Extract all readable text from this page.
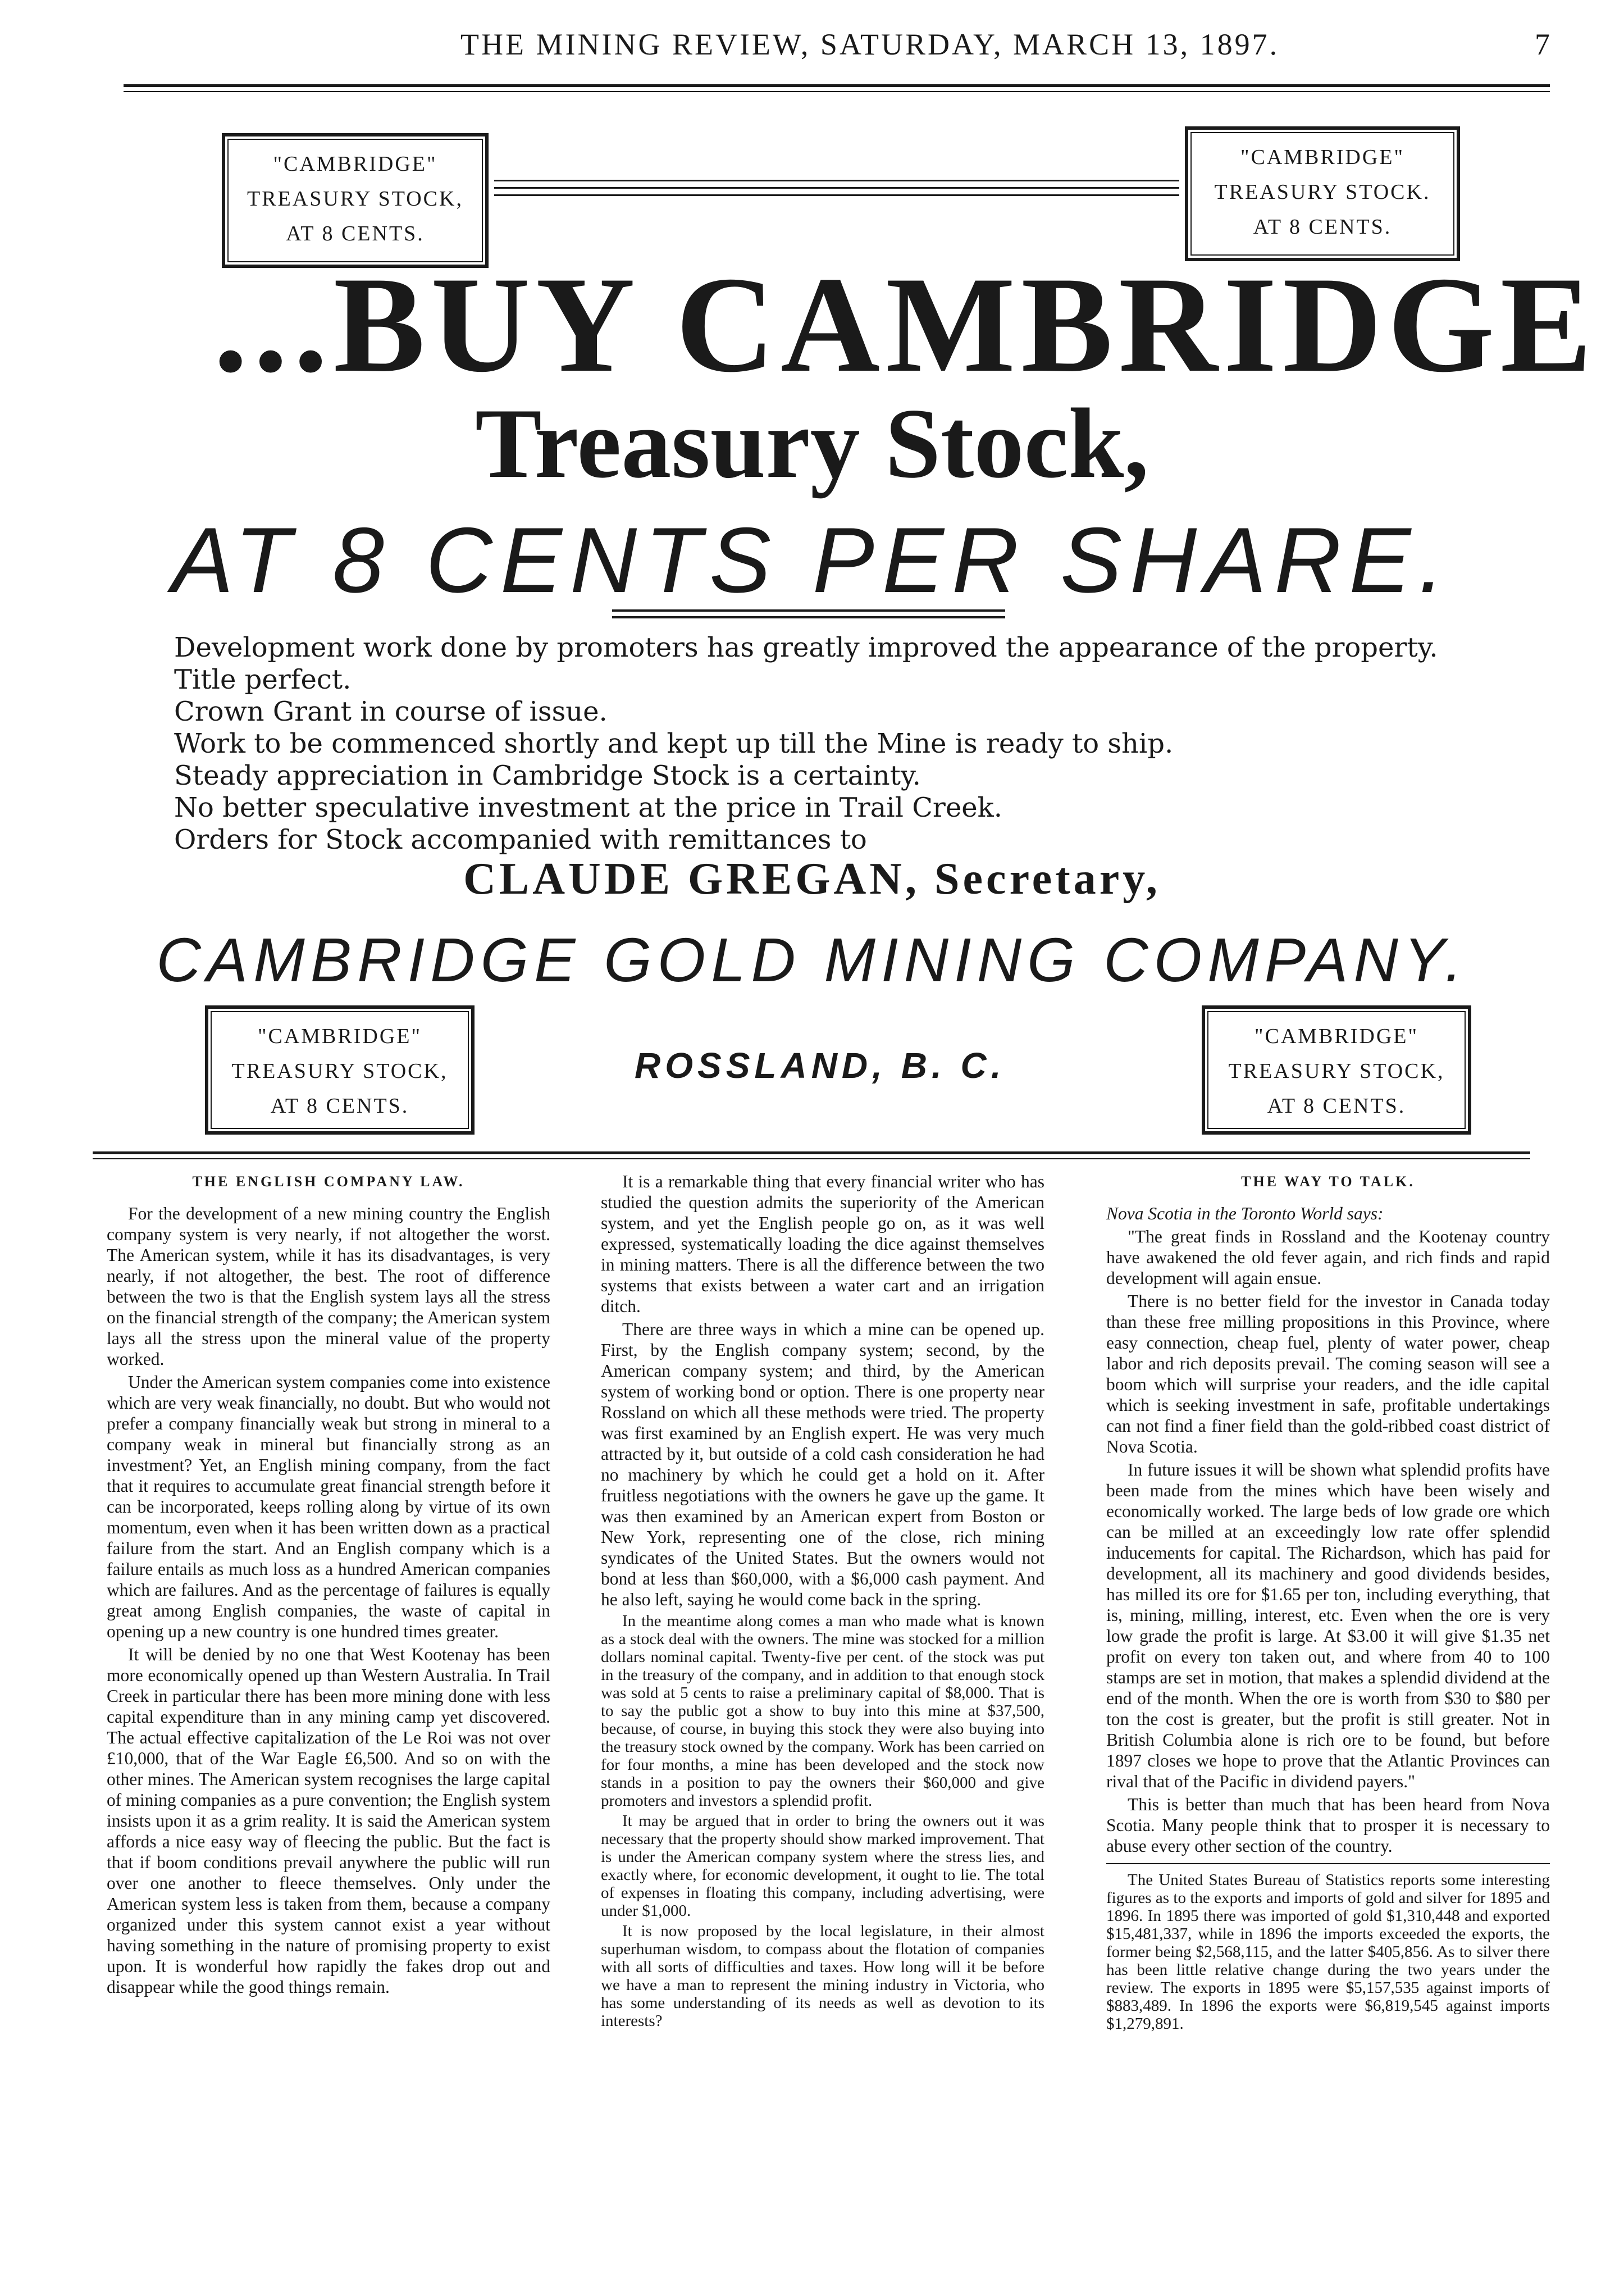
THE MINING REVIEW, SATURDAY, MARCH 13, 1897.	7
"CAMBRIDGE"
TREASURY STOCK,
AT 8 CENTS.
"CAMBRIDGE"
TREASURY STOCK.
AT 8 CENTS.
...BUY CAMBRIDGE
Treasury Stock,
AT 8 CENTS PER SHARE.
Development work done by promoters has greatly improved the appearance of the property.
Title perfect.
Crown Grant in course of issue.
Work to be commenced shortly and kept up till the Mine is ready to ship.
Steady appreciation in Cambridge Stock is a certainty.
No better speculative investment at the price in Trail Creek.
Orders for Stock accompanied with remittances to
CLAUDE GREGAN, Secretary,
CAMBRIDGE GOLD MINING COMPANY.
"CAMBRIDGE"
TREASURY STOCK,
AT 8 CENTS.
ROSSLAND, B. C.
"CAMBRIDGE"
TREASURY STOCK,
AT 8 CENTS.
THE ENGLISH COMPANY LAW.

For the development of a new mining country the English company system is very nearly, if not altogether the worst. The American system, while it has its disadvantages, is very nearly, if not altogether, the best. The root of difference between the two is that the English system lays all the stress on the financial strength of the company; the American system lays all the stress upon the mineral value of the property worked.

Under the American system companies come into existence which are very weak financially, no doubt. But who would not prefer a company financially weak but strong in mineral to a company weak in mineral but financially strong as an investment? Yet, an English mining company, from the fact that it requires to accumulate great financial strength before it can be incorporated, keeps rolling along by virtue of its own momentum, even when it has been written down as a practical failure from the start. And an English company which is a failure entails as much loss as a hundred American companies which are failures. And as the percentage of failures is equally great among English companies, the waste of capital in opening up a new country is one hundred times greater.

It will be denied by no one that West Kootenay has been more economically opened up than Western Australia. In Trail Creek in particular there has been more mining done with less capital expenditure than in any mining camp yet discovered. The actual effective capitalization of the Le Roi was not over £10,000, that of the War Eagle £6,500. And so on with the other mines. The American system recognises the large capital of mining companies as a pure convention; the English system insists upon it as a grim reality. It is said the American system affords a nice easy way of fleecing the public. But the fact is that if boom conditions prevail anywhere the public will run over one another to fleece themselves. Only under the American system less is taken from them, because a company organized under this system cannot exist a year without having something in the nature of promising property to exist upon. It is wonderful how rapidly the fakes drop out and disappear while the good things remain.

It is a remarkable thing that every financial writer who has studied the question admits the superiority of the American system, and yet the English people go on, as it was well expressed, systematically loading the dice against themselves in mining matters. There is all the difference between the two systems that exists between a water cart and an irrigation ditch.

There are three ways in which a mine can be opened up. First, by the English company system; second, by the American company system; and third, by the American system of working bond or option. There is one property near Rossland on which all these methods were tried. The property was first examined by an English expert. He was very much attracted by it, but outside of a cold cash consideration he had no machinery by which he could get a hold on it. After fruitless negotiations with the owners he gave up the game. It was then examined by an American expert from Boston or New York, representing one of the close, rich mining syndicates of the United States. But the owners would not bond at less than $60,000, with a $6,000 cash payment. And he also left, saying he would come back in the spring.

In the meantime along comes a man who made what is known as a stock deal with the owners. The mine was stocked for a million dollars nominal capital. Twenty-five per cent. of the stock was put in the treasury of the company, and in addition to that enough stock was sold at 5 cents to raise a preliminary capital of $8,000. That is to say the public got a show to buy into this mine at $37,500, because, of course, in buying this stock they were also buying into the treasury stock owned by the company. Work has been carried on for four months, a mine has been developed and the stock now stands in a position to pay the owners their $60,000 and give promoters and investors a splendid profit.

It may be argued that in order to bring the owners out it was necessary that the property should show marked improvement. That is under the American company system where the stress lies, and exactly where, for economic development, it ought to lie. The total of expenses in floating this company, including advertising, were under $1,000.

It is now proposed by the local legislature, in their almost superhuman wisdom, to compass about the flotation of companies with all sorts of difficulties and taxes. How long will it be before we have a man to represent the mining industry in Victoria, who has some understanding of its needs as well as devotion to its interests?

THE WAY TO TALK.

Nova Scotia in the Toronto World says:

"The great finds in Rossland and the Kootenay country have awakened the old fever again, and rich finds and rapid development will again ensue.

There is no better field for the investor in Canada today than these free milling propositions in this Province, where easy connection, cheap fuel, plenty of water power, cheap labor and rich deposits prevail. The coming season will see a boom which will surprise your readers, and the idle capital which is seeking investment in safe, profitable undertakings can not find a finer field than the gold-ribbed coast district of Nova Scotia.

In future issues it will be shown what splendid profits have been made from the mines which have been wisely and economically worked. The large beds of low grade ore which can be milled at an exceedingly low rate offer splendid inducements for capital. The Richardson, which has paid for development, all its machinery and good dividends besides, has milled its ore for $1.65 per ton, including everything, that is, mining, milling, interest, etc. Even when the ore is very low grade the profit is large. At $3.00 it will give $1.35 net profit on every ton taken out, and where from 40 to 100 stamps are set in motion, that makes a splendid dividend at the end of the month. When the ore is worth from $30 to $80 per ton the cost is greater, but the profit is still greater. Not in British Columbia alone is rich ore to be found, but before 1897 closes we hope to prove that the Atlantic Provinces can rival that of the Pacific in dividend payers."

This is better than much that has been heard from Nova Scotia. Many people think that to prosper it is necessary to abuse every other section of the country.

The United States Bureau of Statistics reports some interesting figures as to the exports and imports of gold and silver for 1895 and 1896. In 1895 there was imported of gold $1,310,448 and exported $15,481,337, while in 1896 the imports exceeded the exports, the former being $2,568,115, and the latter $405,856. As to silver there has been little relative change during the two years under the review. The exports in 1895 were $5,157,535 against imports of $883,489. In 1896 the exports were $6,819,545 against imports $1,279,891.
